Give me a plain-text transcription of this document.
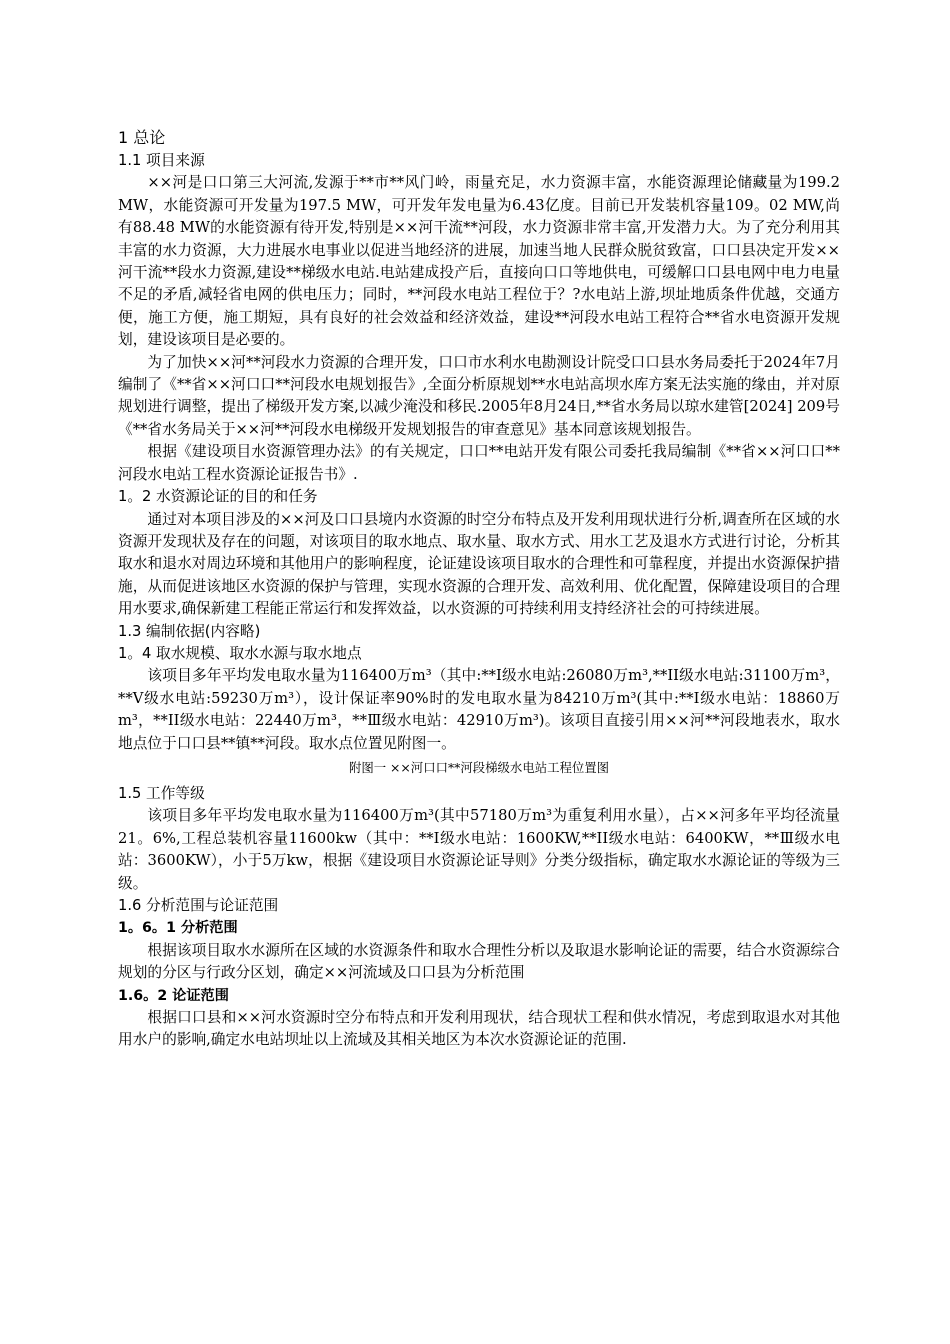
1 总论

1.1 项目来源

××河是口口第三大河流,发源于**市**风门岭，雨量充足，水力资源丰富，水能资源理论储藏量为199.2 MW，水能资源可开发量为197.5 MW，可开发年发电量为6.43亿度。目前已开发装机容量109。02 MW,尚有88.48 MW的水能资源有待开发,特别是××河干流**河段，水力资源非常丰富,开发潜力大。为了充分利用其丰富的水力资源，大力进展水电事业以促进当地经济的进展，加速当地人民群众脱贫致富，口口县决定开发××河干流**段水力资源,建设**梯级水电站.电站建成投产后，直接向口口等地供电，可缓解口口县电网中电力电量不足的矛盾,减轻省电网的供电压力；同时，**河段水电站工程位于？?水电站上游,坝址地质条件优越，交通方便，施工方便，施工期短，具有良好的社会效益和经济效益，建设**河段水电站工程符合**省水电资源开发规划，建设该项目是必要的。

为了加快××河**河段水力资源的合理开发，口口市水利水电勘测设计院受口口县水务局委托于2024年7月编制了《**省××河口口**河段水电规划报告》,全面分析原规划**水电站高坝水库方案无法实施的缘由，并对原规划进行调整，提出了梯级开发方案,以减少淹没和移民.2005年8月24日,**省水务局以琼水建管[2024] 209号《**省水务局关于××河**河段水电梯级开发规划报告的审查意见》基本同意该规划报告。

根据《建设项目水资源管理办法》的有关规定，口口**电站开发有限公司委托我局编制《**省××河口口**河段水电站工程水资源论证报告书》.

1。2 水资源论证的目的和任务

通过对本项目涉及的××河及口口县境内水资源的时空分布特点及开发利用现状进行分析,调查所在区域的水资源开发现状及存在的问题，对该项目的取水地点、取水量、取水方式、用水工艺及退水方式进行讨论，分析其取水和退水对周边环境和其他用户的影响程度，论证建设该项目取水的合理性和可靠程度，并提出水资源保护措施，从而促进该地区水资源的保护与管理，实现水资源的合理开发、高效利用、优化配置，保障建设项目的合理用水要求,确保新建工程能正常运行和发挥效益，以水资源的可持续利用支持经济社会的可持续进展。

1.3 编制依据(内容略)

1。4 取水规模、取水水源与取水地点

该项目多年平均发电取水量为116400万m³（其中:**I级水电站:26080万m³,**II级水电站:31100万m³，**V级水电站:59230万m³），设计保证率90%时的发电取水量为84210万m³(其中:**I级水电站：18860万m³，**II级水电站：22440万m³，**Ⅲ级水电站：42910万m³)。该项目直接引用××河**河段地表水，取水地点位于口口县**镇**河段。取水点位置见附图一。

附图一 ××河口口**河段梯级水电站工程位置图

1.5 工作等级

该项目多年平均发电取水量为116400万m³(其中57180万m³为重复利用水量），占××河多年平均径流量21。6%,工程总装机容量11600kw（其中：**I级水电站：1600KW,**II级水电站：6400KW，**Ⅲ级水电站：3600KW），小于5万kw，根据《建设项目水资源论证导则》分类分级指标，确定取水水源论证的等级为三级。

1.6 分析范围与论证范围

1。6。1 分析范围

根据该项目取水水源所在区域的水资源条件和取水合理性分析以及取退水影响论证的需要，结合水资源综合规划的分区与行政分区划，确定××河流域及口口县为分析范围

1.6。2 论证范围

根据口口县和××河水资源时空分布特点和开发利用现状，结合现状工程和供水情况，考虑到取退水对其他用水户的影响,确定水电站坝址以上流域及其相关地区为本次水资源论证的范围.
